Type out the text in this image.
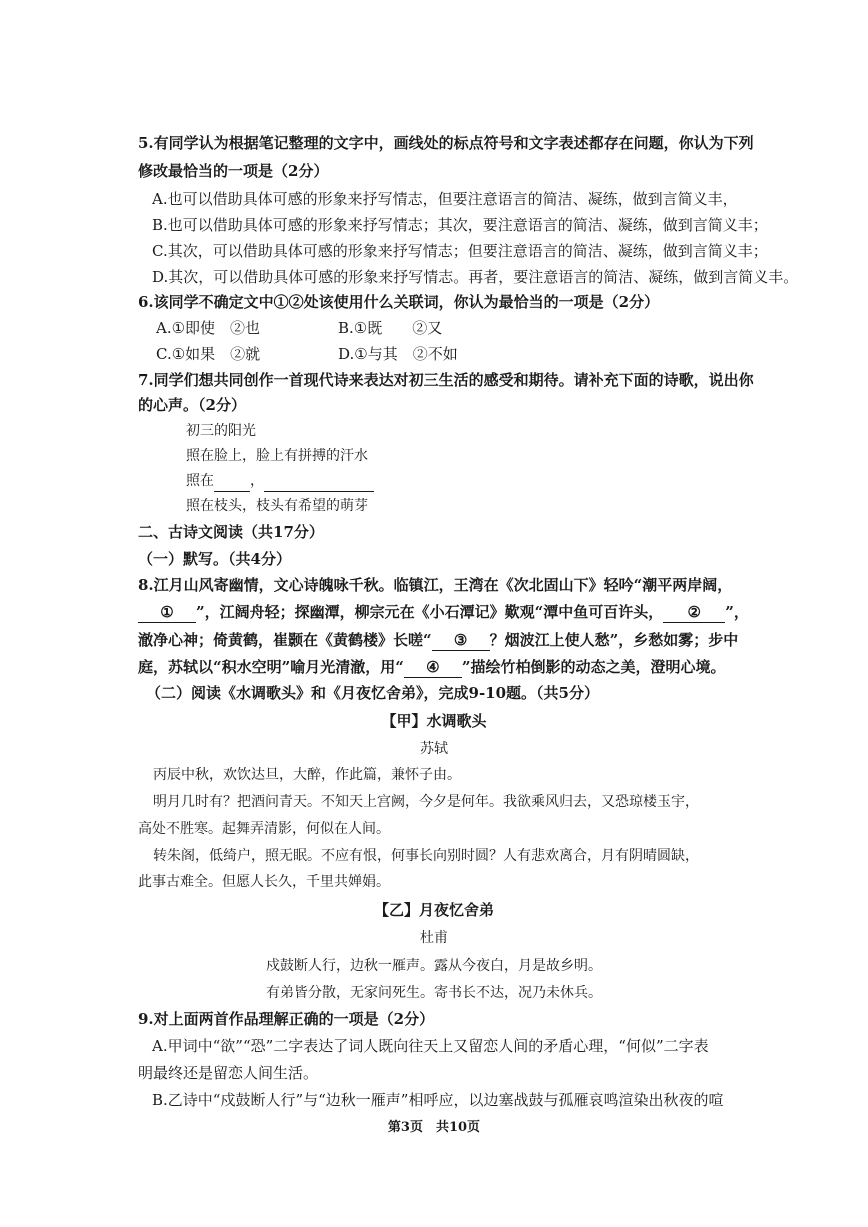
5.有同学认为根据笔记整理的文字中，画线处的标点符号和文字表述都存在问题，你认为下列
修改最恰当的一项是（2分）
A.也可以借助具体可感的形象来抒写情志，但要注意语言的简洁、凝练，做到言简义丰，
B.也可以借助具体可感的形象来抒写情志；其次，要注意语言的简洁、凝练，做到言简义丰；
C.其次，可以借助具体可感的形象来抒写情志；但要注意语言的简洁、凝练，做到言简义丰；
D.其次，可以借助具体可感的形象来抒写情志。再者，要注意语言的简洁、凝练，做到言简义丰。
6.该同学不确定文中①②处该使用什么关联词，你认为最恰当的一项是（2分）
A.①即使　②也	B.①既　　②又
C.①如果　②就	D.①与其　②不如
7.同学们想共同创作一首现代诗来表达对初三生活的感受和期待。请补充下面的诗歌，说出你
的心声。（2分）
初三的阳光
照在脸上，脸上有拼搏的汗水
照在	，
照在枝头，枝头有希望的萌芽
二、古诗文阅读（共17分）
（一）默写。（共4分）
8.江月山风寄幽情，文心诗魄咏千秋。临镇江，王湾在《次北固山下》轻吟“潮平两岸阔，
① ”，江阔舟轻；探幽潭，柳宗元在《小石潭记》歎观“潭中鱼可百许头， ② ”，
澈净心神；倚黄鹤，崔颢在《黄鹤楼》长嗟“ ③ ？烟波江上使人愁”，乡愁如雾；步中
庭，苏轼以“积水空明”喻月光清澈，用“ ④ ”描绘竹柏倒影的动态之美，澄明心境。
（二）阅读《水调歌头》和《月夜忆舍弟》，完成9-10题。（共5分）
【甲】水调歌头
苏轼
丙辰中秋，欢饮达旦，大醉，作此篇，兼怀子由。
明月几时有？把酒问青天。不知天上宫阙，今夕是何年。我欲乘风归去，又恐琼楼玉宇，
高处不胜寒。起舞弄清影，何似在人间。
转朱阁，低绮户，照无眠。不应有恨，何事长向别时圆？人有悲欢离合，月有阴晴圆缺，
此事古难全。但愿人长久，千里共婵娟。
【乙】月夜忆舍弟
杜甫
戍鼓断人行，边秋一雁声。露从今夜白，月是故乡明。
有弟皆分散，无家问死生。寄书长不达，况乃未休兵。
9.对上面两首作品理解正确的一项是（2分）
A.甲词中“欲”“恐”二字表达了词人既向往天上又留恋人间的矛盾心理，“何似”二字表
明最终还是留恋人间生活。
B.乙诗中“戍鼓断人行”与“边秋一雁声”相呼应，以边塞战鼓与孤雁哀鸣渲染出秋夜的喧
第3页　共10页
